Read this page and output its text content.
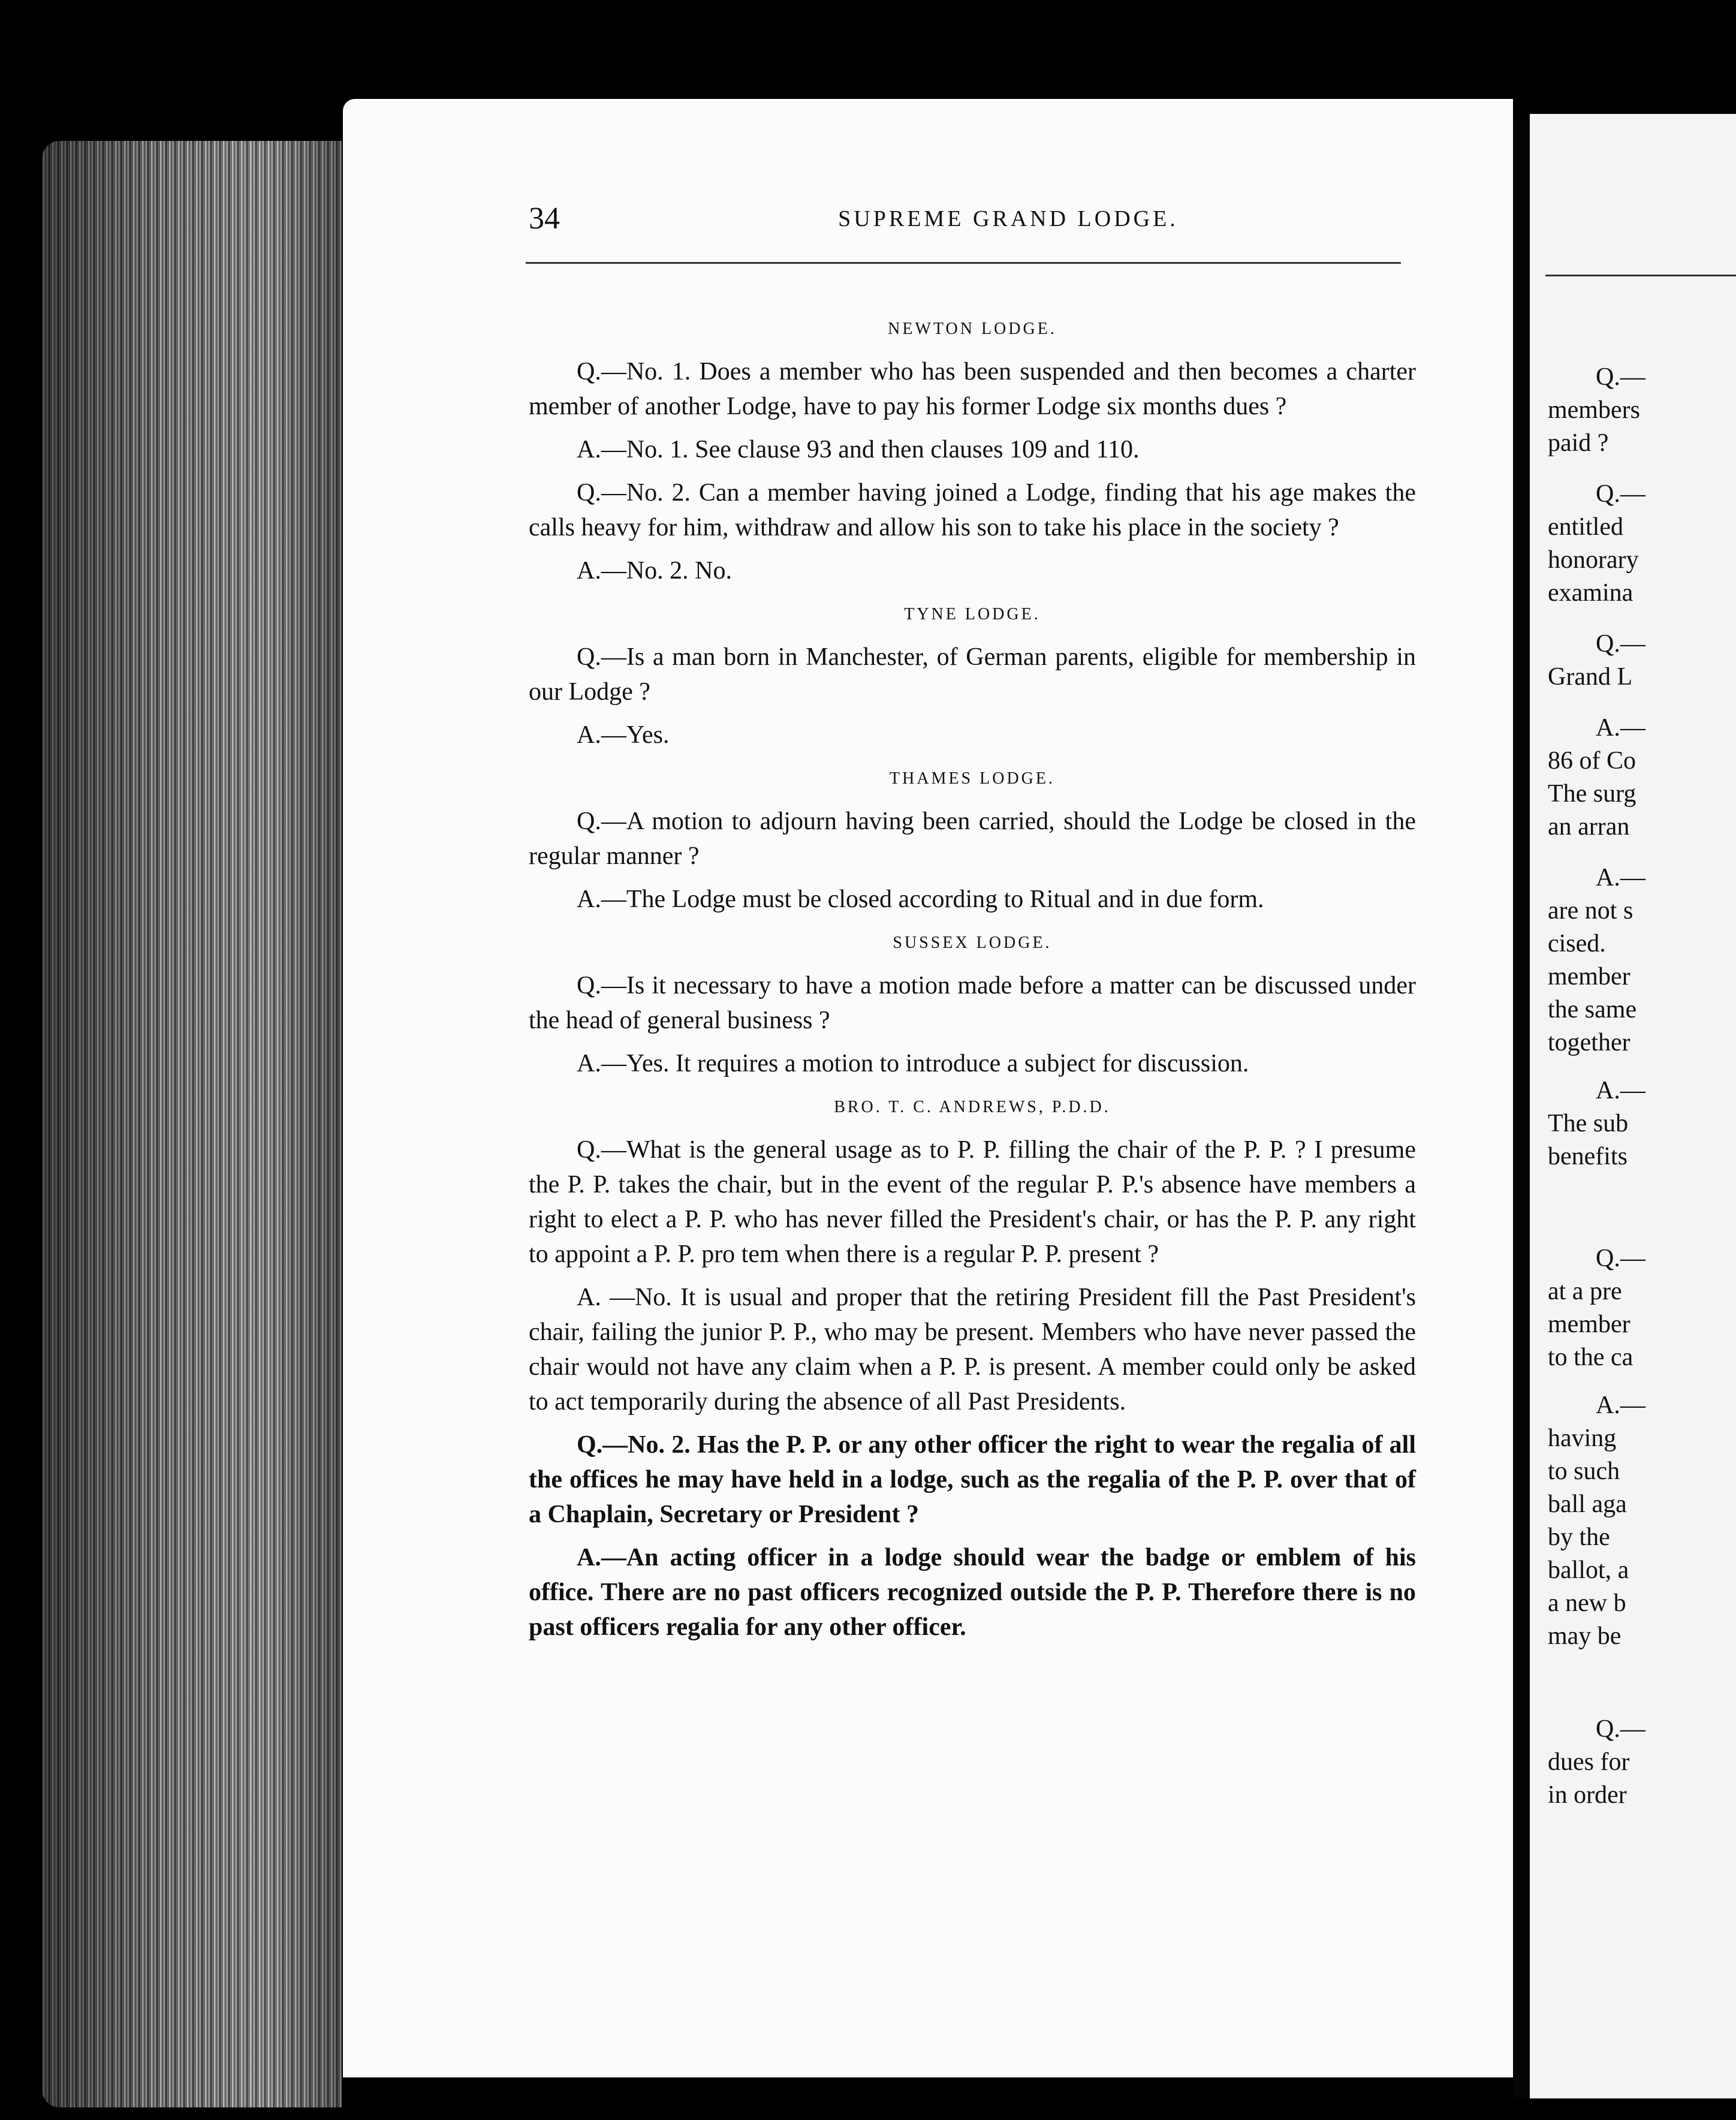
34	SUPREME GRAND LODGE.
NEWTON LODGE.

Q.—No. 1. Does a member who has been suspended and then becomes a charter member of another Lodge, have to pay his former Lodge six months dues ?

A.—No. 1. See clause 93 and then clauses 109 and 110.

Q.—No. 2. Can a member having joined a Lodge, finding that his age makes the calls heavy for him, withdraw and allow his son to take his place in the society ?

A.—No. 2. No.

TYNE LODGE.

Q.—Is a man born in Manchester, of German parents, eligible for membership in our Lodge ?

A.—Yes.

THAMES LODGE.

Q.—A motion to adjourn having been carried, should the Lodge be closed in the regular manner ?

A.—The Lodge must be closed according to Ritual and in due form.

SUSSEX LODGE.

Q.—Is it necessary to have a motion made before a matter can be discussed under the head of general business ?

A.—Yes. It requires a motion to introduce a subject for discussion.

BRO. T. C. ANDREWS, P.D.D.

Q.—What is the general usage as to P. P. filling the chair of the P. P. ? I presume the P. P. takes the chair, but in the event of the regular P. P.'s absence have members a right to elect a P. P. who has never filled the President's chair, or has the P. P. any right to appoint a P. P. pro tem when there is a regular P. P. present ?

A. —No. It is usual and proper that the retiring President fill the Past President's chair, failing the junior P. P., who may be present. Members who have never passed the chair would not have any claim when a P. P. is present. A member could only be asked to act temporarily during the absence of all Past Presidents.

Q.—No. 2. Has the P. P. or any other officer the right to wear the regalia of all the offices he may have held in a lodge, such as the regalia of the P. P. over that of a Chaplain, Secretary or President ?

A.—An acting officer in a lodge should wear the badge or emblem of his office. There are no past officers recognized outside the P. P. Therefore there is no past officers regalia for any other officer.

Q.—
members
paid ?
Q.—
entitled
honorary
examina
Q.—
Grand L
A.—
86 of Co
The surg
an arran
A.—
are not s
cised.
member
the same
together
A.—
The sub
benefits
Q.—
at a pre
member
to the ca
A.—
having
to such
ball aga
by the
ballot, a
a new b
may be
Q.—
dues for
in order
